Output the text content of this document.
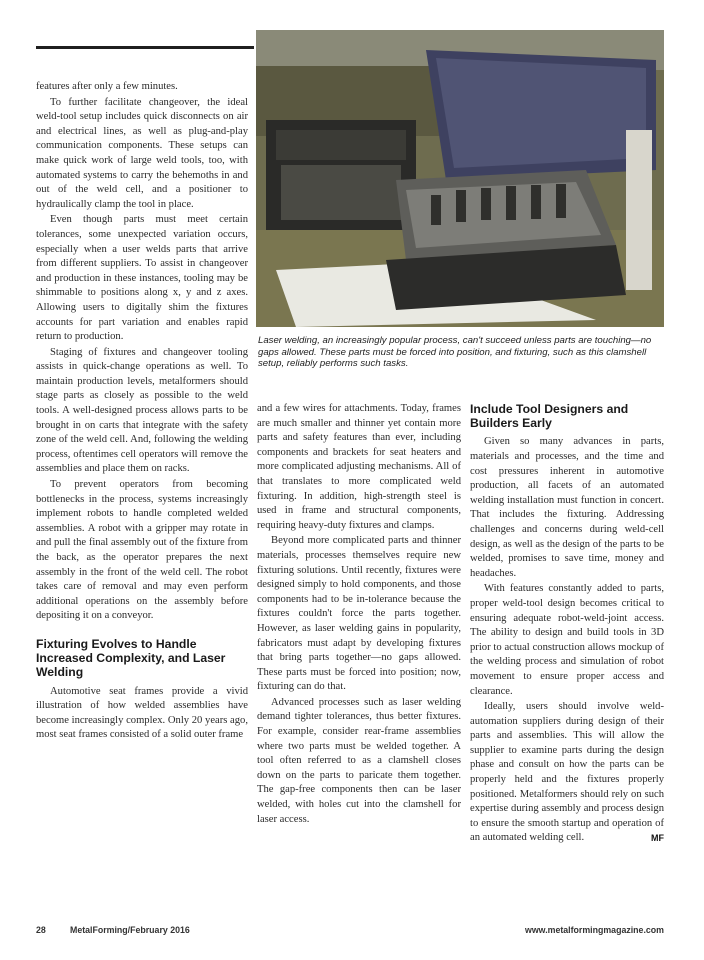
features after only a few minutes.

To further facilitate changeover, the ideal weld-tool setup includes quick disconnects on air and electrical lines, as well as plug-and-play communication components. These setups can make quick work of large weld tools, too, with automated systems to carry the behemoths in and out of the weld cell, and a positioner to hydraulically clamp the tool in place.

Even though parts must meet certain tolerances, some unexpected variation occurs, especially when a user welds parts that arrive from different suppliers. To assist in changeover and production in these instances, tooling may be shimmable to positions along x, y and z axes. Allowing users to digitally shim the fixtures accounts for part variation and enables rapid return to production.

Staging of fixtures and changeover tooling assists in quick-change operations as well. To maintain production levels, metalformers should stage parts as closely as possible to the weld tools. A well-designed process allows parts to be brought in on carts that integrate with the safety zone of the weld cell. And, following the welding process, oftentimes cell operators will remove the assemblies and place them on racks.

To prevent operators from becoming bottlenecks in the process, systems increasingly implement robots to handle completed welded assemblies. A robot with a gripper may rotate in and pull the final assembly out of the fixture from the back, as the operator prepares the next assembly in the front of the weld cell. The robot takes care of removal and may even perform additional operations on the assembly before depositing it on a conveyor.

Fixturing Evolves to Handle Increased Complexity, and Laser Welding

Automotive seat frames provide a vivid illustration of how welded assemblies have become increasingly complex. Only 20 years ago, most seat frames consisted of a solid outer frame

Laser welding, an increasingly popular process, can't succeed unless parts are touching—no gaps allowed. These parts must be forced into position, and fixturing, such as this clamshell setup, reliably performs such tasks.

and a few wires for attachments. Today, frames are much smaller and thinner yet contain more parts and safety features than ever, including components and brackets for seat heaters and more complicated adjusting mechanisms. All of that translates to more complicated weld fixturing. In addition, high-strength steel is used in frame and structural components, requiring heavy-duty fixtures and clamps.

Beyond more complicated parts and thinner materials, processes themselves require new fixturing solutions. Until recently, fixtures were designed simply to hold components, and those components had to be in-tolerance because the fixtures couldn't force the parts together. However, as laser welding gains in popularity, fabricators must adapt by developing fixtures that bring parts together—no gaps allowed. These parts must be forced into position; now, fixturing can do that.

Advanced processes such as laser welding demand tighter tolerances, thus better fixtures. For example, consider rear-frame assemblies where two parts must be welded together. A tool often referred to as a clamshell closes down on the parts to paricate them together. The gap-free components then can be laser welded, with holes cut into the clamshell for laser access.

Include Tool Designers and Builders Early

Given so many advances in parts, materials and processes, and the time and cost pressures inherent in automotive production, all facets of an automated welding installation must function in concert. That includes the fixturing. Addressing challenges and concerns during weld-cell design, as well as the design of the parts to be welded, promises to save time, money and headaches.

With features constantly added to parts, proper weld-tool design becomes critical to ensuring adequate robot-weld-joint access. The ability to design and build tools in 3D prior to actual construction allows mockup of the welding process and simulation of robot movement to ensure proper access and clearance.

Ideally, users should involve weld-automation suppliers during design of their parts and assemblies. This will allow the supplier to examine parts during the design phase and consult on how the parts can be properly held and the fixtures properly positioned. Metalformers should rely on such expertise during assembly and process design to ensure the smooth startup and operation of an automated welding cell.	MF

28	MetalForming/February 2016	www.metalformingmagazine.com
